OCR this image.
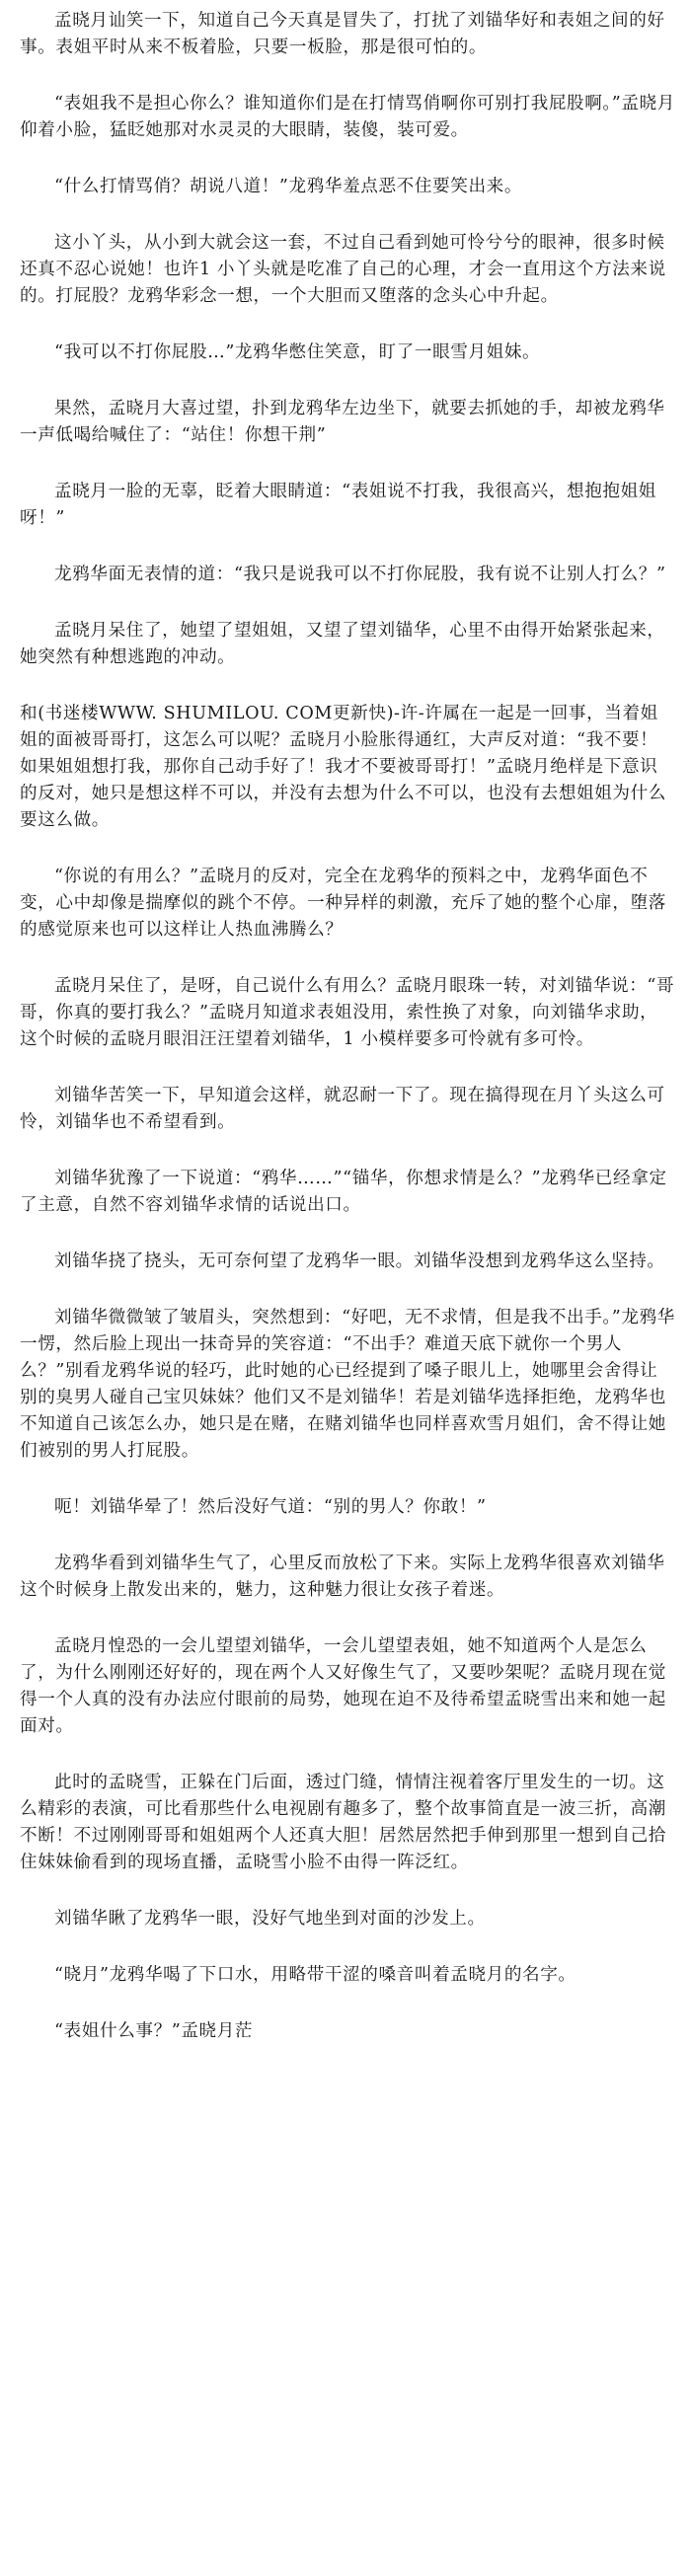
孟晓月讪笑一下，知道自己今天真是冒失了，打扰了刘锚华好和表姐之间的好事。表姐平时从来不板着脸，只要一板脸，那是很可怕的。

“表姐我不是担心你么？谁知道你们是在打情骂俏啊你可别打我屁股啊。”孟晓月仰着小脸，猛眨她那对水灵灵的大眼睛，装傻，装可爱。

“什么打情骂俏？胡说八道！”龙鸦华羞点恶不住要笑出来。

这小丫头，从小到大就会这一套，不过自己看到她可怜兮兮的眼神，很多时候还真不忍心说她！也许1 小丫头就是吃准了自己的心理，才会一直用这个方法来说的。打屁股？龙鸦华彩念一想，一个大胆而又堕落的念头心中升起。

“我可以不打你屁股…”龙鸦华憋住笑意，盯了一眼雪月姐妹。

果然，孟晓月大喜过望，扑到龙鸦华左边坐下，就要去抓她的手，却被龙鸦华一声低喝给喊住了：“站住！你想干荆”

孟晓月一脸的无辜，眨着大眼睛道：“表姐说不打我，我很高兴，想抱抱姐姐呀！”

龙鸦华面无表情的道：“我只是说我可以不打你屁股，我有说不让别人打么？”

孟晓月呆住了，她望了望姐姐，又望了望刘锚华，心里不由得开始紧张起来，她突然有种想逃跑的冲动。

和(书迷楼WWW. SHUMILOU. COM更新快)-许-许属在一起是一回事，当着姐姐的面被哥哥打，这怎么可以呢？孟晓月小脸胀得通红，大声反对道：“我不要！如果姐姐想打我，那你自己动手好了！我才不要被哥哥打！”孟晓月绝样是下意识的反对，她只是想这样不可以，并没有去想为什么不可以，也没有去想姐姐为什么要这么做。

“你说的有用么？”孟晓月的反对，完全在龙鸦华的预料之中，龙鸦华面色不变，心中却像是揣摩似的跳个不停。一种异样的刺激，充斥了她的整个心扉，堕落的感觉原来也可以这样让人热血沸腾么？

孟晓月呆住了，是呀，自己说什么有用么？孟晓月眼珠一转，对刘锚华说：“哥哥，你真的要打我么？”孟晓月知道求表姐没用，索性换了对象，向刘锚华求助，这个时候的孟晓月眼泪汪汪望着刘锚华，1 小模样要多可怜就有多可怜。

刘锚华苦笑一下，早知道会这样，就忍耐一下了。现在搞得现在月丫头这么可怜，刘锚华也不希望看到。

刘锚华犹豫了一下说道：“鸦华……”“锚华，你想求情是么？”龙鸦华已经拿定了主意，自然不容刘锚华求情的话说出口。

刘锚华挠了挠头，无可奈何望了龙鸦华一眼。刘锚华没想到龙鸦华这么坚持。

刘锚华微微皱了皱眉头，突然想到：“好吧，无不求情，但是我不出手。”龙鸦华一愣，然后脸上现出一抹奇异的笑容道：“不出手？难道天底下就你一个男人么？”别看龙鸦华说的轻巧，此时她的心已经提到了嗓子眼儿上，她哪里会舍得让别的臭男人碰自己宝贝妹妹？他们又不是刘锚华！若是刘锚华选择拒绝，龙鸦华也不知道自己该怎么办，她只是在赌，在赌刘锚华也同样喜欢雪月姐们，舍不得让她们被别的男人打屁股。

呃！刘锚华晕了！然后没好气道：“别的男人？你敢！”

龙鸦华看到刘锚华生气了，心里反而放松了下来。实际上龙鸦华很喜欢刘锚华这个时候身上散发出来的，魅力，这种魅力很让女孩子着迷。

孟晓月惶恐的一会儿望望刘锚华，一会儿望望表姐，她不知道两个人是怎么了，为什么刚刚还好好的，现在两个人又好像生气了，又要吵架呢？孟晓月现在觉得一个人真的没有办法应付眼前的局势，她现在迫不及待希望孟晓雪出来和她一起面对。

此时的孟晓雪，正躲在门后面，透过门缝，情情注视着客厅里发生的一切。这么精彩的表演，可比看那些什么电视剧有趣多了，整个故事简直是一波三折，高潮不断！不过刚刚哥哥和姐姐两个人还真大胆！居然居然把手伸到那里一想到自己拾住妹妹偷看到的现场直播，孟晓雪小脸不由得一阵泛红。

刘锚华瞅了龙鸦华一眼，没好气地坐到对面的沙发上。

“晓月”龙鸦华喝了下口水，用略带干涩的嗓音叫着孟晓月的名字。

“表姐什么事？”孟晓月茫
